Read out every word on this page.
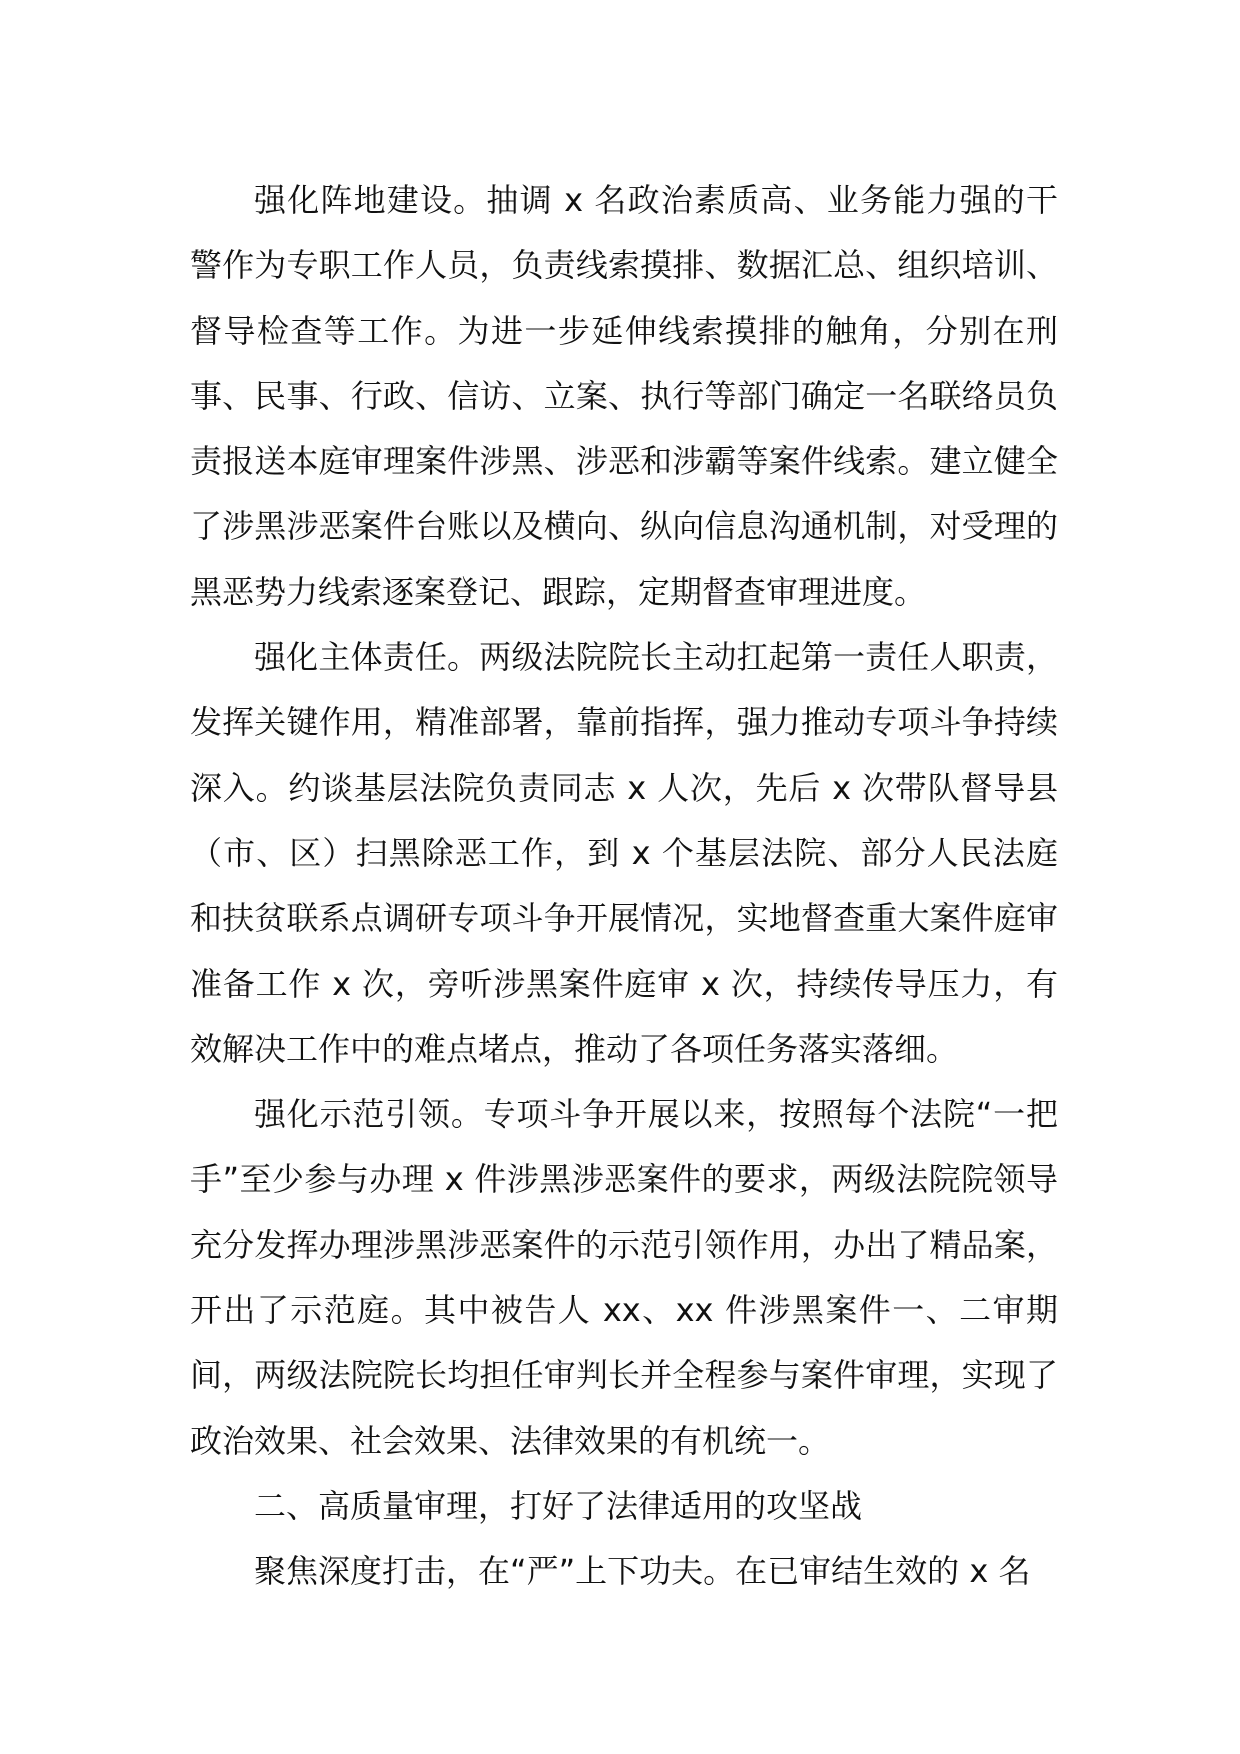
强化阵地建设。抽调 x 名政治素质高、业务能力强的干警作为专职工作人员，负责线索摸排、数据汇总、组织培训、督导检查等工作。为进一步延伸线索摸排的触角，分别在刑事、民事、行政、信访、立案、执行等部门确定一名联络员负责报送本庭审理案件涉黑、涉恶和涉霸等案件线索。建立健全了涉黑涉恶案件台账以及横向、纵向信息沟通机制，对受理的黑恶势力线索逐案登记、跟踪，定期督查审理进度。

强化主体责任。两级法院院长主动扛起第一责任人职责，发挥关键作用，精准部署，靠前指挥，强力推动专项斗争持续深入。约谈基层法院负责同志 x 人次，先后 x 次带队督导县（市、区）扫黑除恶工作，到 x 个基层法院、部分人民法庭和扶贫联系点调研专项斗争开展情况，实地督查重大案件庭审准备工作 x 次，旁听涉黑案件庭审 x 次，持续传导压力，有效解决工作中的难点堵点，推动了各项任务落实落细。

强化示范引领。专项斗争开展以来，按照每个法院“一把手”至少参与办理 x 件涉黑涉恶案件的要求，两级法院院领导充分发挥办理涉黑涉恶案件的示范引领作用，办出了精品案，开出了示范庭。其中被告人 xx、xx 件涉黑案件一、二审期间，两级法院院长均担任审判长并全程参与案件审理，实现了政治效果、社会效果、法律效果的有机统一。

二、高质量审理，打好了法律适用的攻坚战

聚焦深度打击，在“严”上下功夫。在已审结生效的 x 名
